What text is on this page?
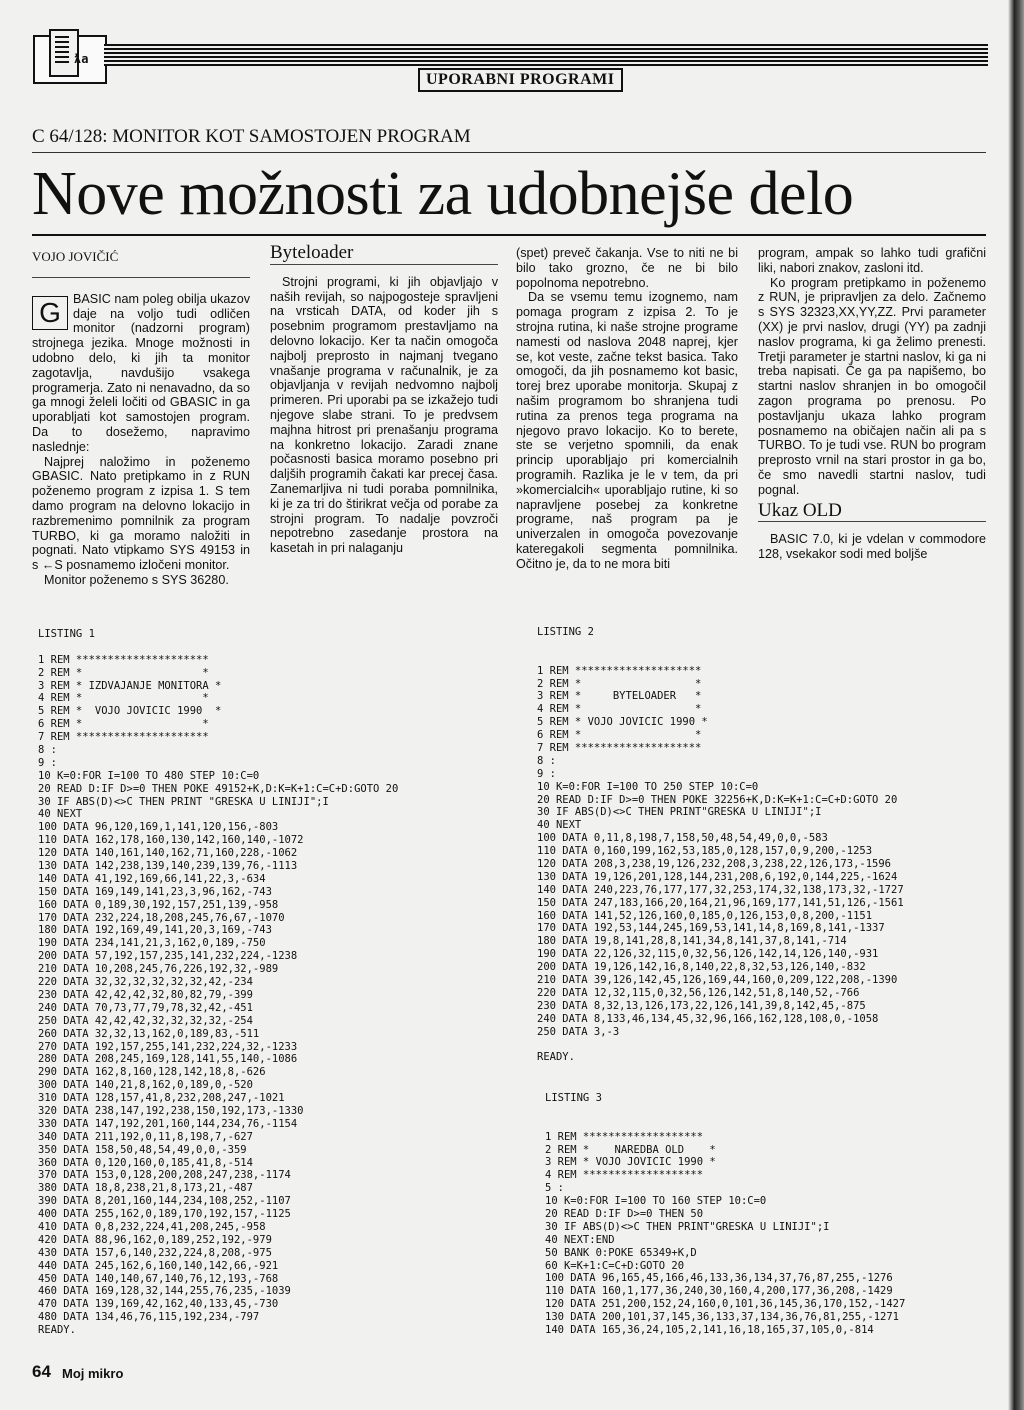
ƛa
UPORABNI PROGRAMI
C 64/128: MONITOR KOT SAMOSTOJEN PROGRAM
Nove možnosti za udobnejše delo
VOJO JOVIČIĆ

G BASIC nam poleg obilja ukazov daje na voljo tudi odličen monitor (nadzorni program) strojnega jezika. Mnoge možnosti in udobno delo, ki jih ta monitor zagotavlja, navdušijo vsakega programerja. Zato ni nenavadno, da so ga mnogi želeli ločiti od GBASIC in ga uporabljati kot samostojen program. Da to dosežemo, napravimo naslednje:

Najprej naložimo in poženemo GBASIC. Nato pretipkamo in z RUN poženemo program z izpisa 1. S tem damo program na delovno lokacijo in razbremenimo pomnilnik za program TURBO, ki ga moramo naložiti in pognati. Nato vtipkamo SYS 49153 in s ←S posnamemo izločeni monitor.

Monitor poženemo s SYS 36280.

Byteloader

Strojni programi, ki jih objavljajo v naših revijah, so najpogosteje spravljeni na vrsticah DATA, od koder jih s posebnim programom prestavljamo na delovno lokacijo. Ker ta način omogoča najbolj preprosto in najmanj tvegano vnašanje programa v računalnik, je za objavljanja v revijah nedvomno najbolj primeren. Pri uporabi pa se izkažejo tudi njegove slabe strani. To je predvsem majhna hitrost pri prenašanju programa na konkretno lokacijo. Zaradi znane počasnosti basica moramo posebno pri daljših programih čakati kar precej časa. Zanemarljiva ni tudi poraba pomnilnika, ki je za tri do štirikrat večja od porabe za strojni program. To nadalje povzroči nepotrebno zasedanje prostora na kasetah in pri nalaganju

(spet) preveč čakanja. Vse to niti ne bi bilo tako grozno, če ne bi bilo popolnoma nepotrebno.

Da se vsemu temu izognemo, nam pomaga program z izpisa 2. To je strojna rutina, ki naše strojne programe namesti od naslova 2048 naprej, kjer se, kot veste, začne tekst basica. Tako omogoči, da jih posnamemo kot basic, torej brez uporabe monitorja. Skupaj z našim programom bo shranjena tudi rutina za prenos tega programa na njegovo pravo lokacijo. Ko to berete, ste se verjetno spomnili, da enak princip uporabljajo pri komercialnih programih. Razlika je le v tem, da pri »komercialcih« uporabljajo rutine, ki so napravljene posebej za konkretne programe, naš program pa je univerzalen in omogoča povezovanje kateregakoli segmenta pomnilnika. Očitno je, da to ne mora biti

program, ampak so lahko tudi grafični liki, nabori znakov, zasloni itd.

Ko program pretipkamo in poženemo z RUN, je pripravljen za delo. Začnemo s SYS 32323,XX,YY,ZZ. Prvi parameter (XX) je prvi naslov, drugi (YY) pa zadnji naslov programa, ki ga želimo prenesti. Tretji parameter je startni naslov, ki ga ni treba napisati. Če ga pa napišemo, bo startni naslov shranjen in bo omogočil zagon programa po prenosu. Po postavljanju ukaza lahko program posnamemo na običajen način ali pa s TURBO. To je tudi vse. RUN bo program preprosto vrnil na stari prostor in ga bo, če smo navedli startni naslov, tudi pognal.

Ukaz OLD

BASIC 7.0, ki je vdelan v commodore 128, vsekakor sodi med boljše

LISTING 1
1 REM *********************
2 REM *                   *
3 REM * IZDVAJANJE MONITORA *
4 REM *                   *
5 REM *  VOJO JOVICIC 1990  *
6 REM *                   *
7 REM *********************
8 :
9 :
10 K=0:FOR I=100 TO 480 STEP 10:C=0
20 READ D:IF D>=0 THEN POKE 49152+K,D:K=K+1:C=C+D:GOTO 20
30 IF ABS(D)<>C THEN PRINT "GRESKA U LINIJI";I
40 NEXT
100 DATA 96,120,169,1,141,120,156,-803
110 DATA 162,178,160,130,142,160,140,-1072
120 DATA 140,161,140,162,71,160,228,-1062
130 DATA 142,238,139,140,239,139,76,-1113
140 DATA 41,192,169,66,141,22,3,-634
150 DATA 169,149,141,23,3,96,162,-743
160 DATA 0,189,30,192,157,251,139,-958
170 DATA 232,224,18,208,245,76,67,-1070
180 DATA 192,169,49,141,20,3,169,-743
190 DATA 234,141,21,3,162,0,189,-750
200 DATA 57,192,157,235,141,232,224,-1238
210 DATA 10,208,245,76,226,192,32,-989
220 DATA 32,32,32,32,32,32,42,-234
230 DATA 42,42,42,32,80,82,79,-399
240 DATA 70,73,77,79,78,32,42,-451
250 DATA 42,42,42,32,32,32,32,-254
260 DATA 32,32,13,162,0,189,83,-511
270 DATA 192,157,255,141,232,224,32,-1233
280 DATA 208,245,169,128,141,55,140,-1086
290 DATA 162,8,160,128,142,18,8,-626
300 DATA 140,21,8,162,0,189,0,-520
310 DATA 128,157,41,8,232,208,247,-1021
320 DATA 238,147,192,238,150,192,173,-1330
330 DATA 147,192,201,160,144,234,76,-1154
340 DATA 211,192,0,11,8,198,7,-627
350 DATA 158,50,48,54,49,0,0,-359
360 DATA 0,120,160,0,185,41,8,-514
370 DATA 153,0,128,200,208,247,238,-1174
380 DATA 18,8,238,21,8,173,21,-487
390 DATA 8,201,160,144,234,108,252,-1107
400 DATA 255,162,0,189,170,192,157,-1125
410 DATA 0,8,232,224,41,208,245,-958
420 DATA 88,96,162,0,189,252,192,-979
430 DATA 157,6,140,232,224,8,208,-975
440 DATA 245,162,6,160,140,142,66,-921
450 DATA 140,140,67,140,76,12,193,-768
460 DATA 169,128,32,144,255,76,235,-1039
470 DATA 139,169,42,162,40,133,45,-730
480 DATA 134,46,76,115,192,234,-797
READY.
LISTING 2
1 REM ********************
2 REM *                  *
3 REM *     BYTELOADER   *
4 REM *                  *
5 REM * VOJO JOVICIC 1990 *
6 REM *                  *
7 REM ********************
8 :
9 :
10 K=0:FOR I=100 TO 250 STEP 10:C=0
20 READ D:IF D>=0 THEN POKE 32256+K,D:K=K+1:C=C+D:GOTO 20
30 IF ABS(D)<>C THEN PRINT"GRESKA U LINIJI";I
40 NEXT
100 DATA 0,11,8,198,7,158,50,48,54,49,0,0,-583
110 DATA 0,160,199,162,53,185,0,128,157,0,9,200,-1253
120 DATA 208,3,238,19,126,232,208,3,238,22,126,173,-1596
130 DATA 19,126,201,128,144,231,208,6,192,0,144,225,-1624
140 DATA 240,223,76,177,177,32,253,174,32,138,173,32,-1727
150 DATA 247,183,166,20,164,21,96,169,177,141,51,126,-1561
160 DATA 141,52,126,160,0,185,0,126,153,0,8,200,-1151
170 DATA 192,53,144,245,169,53,141,14,8,169,8,141,-1337
180 DATA 19,8,141,28,8,141,34,8,141,37,8,141,-714
190 DATA 22,126,32,115,0,32,56,126,142,14,126,140,-931
200 DATA 19,126,142,16,8,140,22,8,32,53,126,140,-832
210 DATA 39,126,142,45,126,169,44,160,0,209,122,208,-1390
220 DATA 12,32,115,0,32,56,126,142,51,8,140,52,-766
230 DATA 8,32,13,126,173,22,126,141,39,8,142,45,-875
240 DATA 8,133,46,134,45,32,96,166,162,128,108,0,-1058
250 DATA 3,-3
READY.
LISTING 3
1 REM *******************
2 REM *    NAREDBA OLD    *
3 REM * VOJO JOVICIC 1990 *
4 REM *******************
5 :
10 K=0:FOR I=100 TO 160 STEP 10:C=0
20 READ D:IF D>=0 THEN 50
30 IF ABS(D)<>C THEN PRINT"GRESKA U LINIJI";I
40 NEXT:END
50 BANK 0:POKE 65349+K,D
60 K=K+1:C=C+D:GOTO 20
100 DATA 96,165,45,166,46,133,36,134,37,76,87,255,-1276
110 DATA 160,1,177,36,240,30,160,4,200,177,36,208,-1429
120 DATA 251,200,152,24,160,0,101,36,145,36,170,152,-1427
130 DATA 200,101,37,145,36,133,37,134,36,76,81,255,-1271
140 DATA 165,36,24,105,2,141,16,18,165,37,105,0,-814
64 Moj mikro
